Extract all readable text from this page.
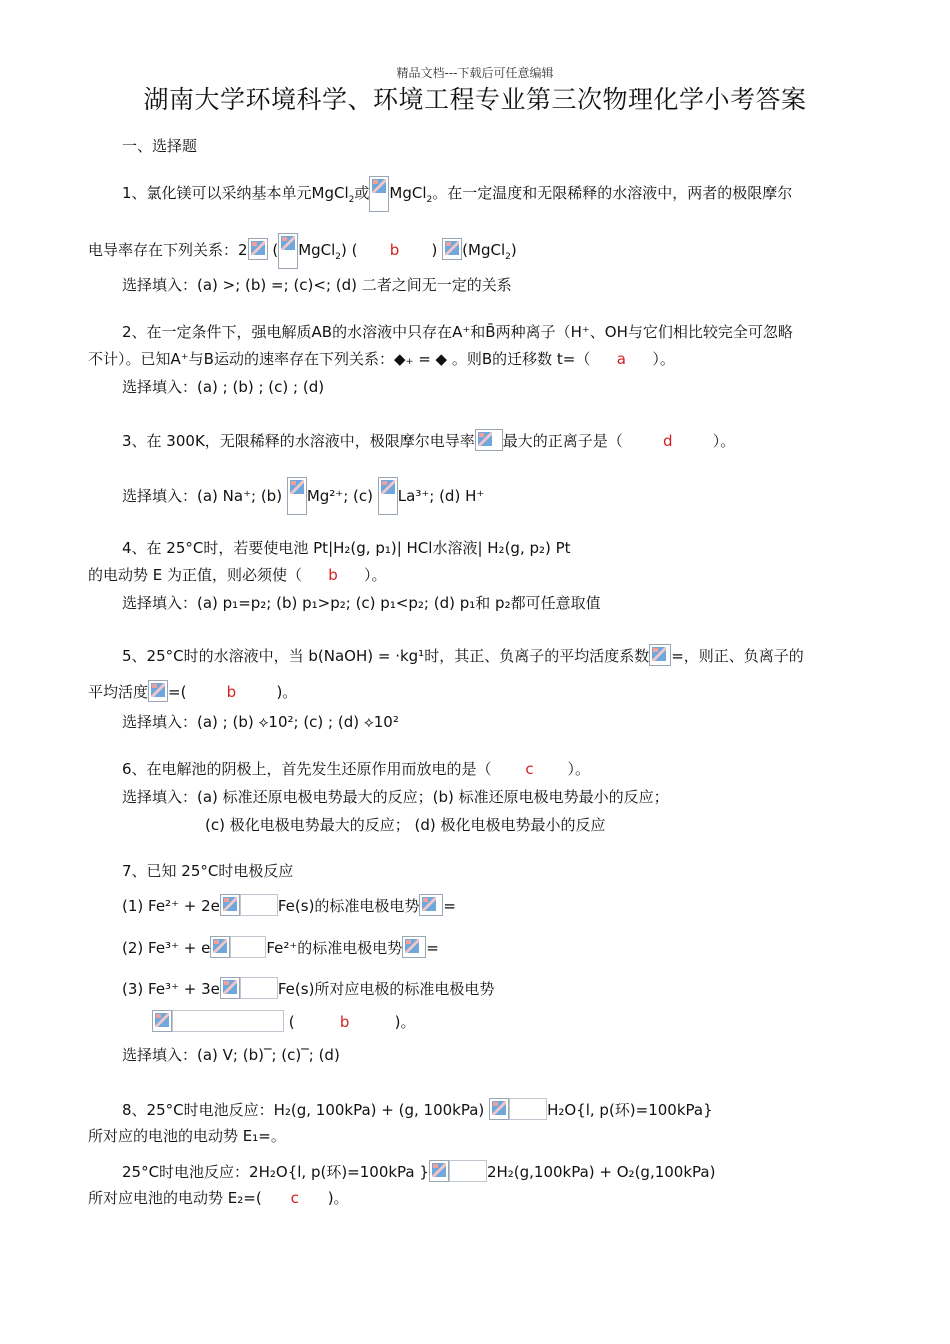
精品文档---下载后可任意编辑
湖南大学环境科学、环境工程专业第三次物理化学小考答案
一、选择题
1、氯化镁可以采纳基本单元MgCl$_2$或 MgCl$_2$。在一定温度和无限稀释的水溶液中，两者的极限摩尔
电导率存在下列关系：2 ( MgCl$_2$) ( b ) (MgCl$_2$)
选择填入：(a) >; (b) =; (c)<; (d) 二者之间无一定的关系
2、在一定条件下，强电解质AB的水溶液中只存在A⁺和B̄两种离子（H⁺、OH与它们相比较完全可忽略
不计）。已知A⁺与B运动的速率存在下列关系：◆₊ = ◆ 。则B的迁移数 t=（ a ）。
选择填入：(a) ; (b) ; (c) ; (d)
3、在 300K，无限稀释的水溶液中，极限摩尔电导率 最大的正离子是（	d	）。
选择填入：(a) Na⁺; (b) Mg²⁺; (c) La³⁺; (d) H⁺
4、在 25°C时，若要使电池 Pt|H₂(g, p₁)| HCl水溶液| H₂(g, p₂) Pt
的电动势 E 为正值，则必须使（ b ）。
选择填入：(a) p₁=p₂; (b) p₁>p₂; (c) p₁<p₂; (d) p₁和 p₂都可任意取值
5、25°C时的水溶液中，当 b(NaOH) = ·kg¹时，其正、负离子的平均活度系数 =，则正、负离子的
平均活度 =(	b	)。
选择填入：(a) ; (b) ⟡10²; (c) ; (d) ⟡10²
6、在电解池的阴极上，首先发生还原作用而放电的是（ c ）。
选择填入：(a) 标准还原电极电势最大的反应；(b) 标准还原电极电势最小的反应；
(c) 极化电极电势最大的反应； (d) 极化电极电势最小的反应
7、已知 25°C时电极反应
(1) Fe²⁺ + 2e	Fe(s)的标准电极电势 =
(2) Fe³⁺ + e	Fe²⁺的标准电极电势 =
(3) Fe³⁺ + 3e	Fe(s)所对应电极的标准电极电势
(	b	)。
选择填入：(a) V; (b)‾; (c)‾; (d)
8、25°C时电池反应：H₂(g, 100kPa) + (g, 100kPa)	H₂O{l, p(环)=100kPa}
所对应的电池的电动势 E₁=。
25°C时电池反应：2H₂O{l, p(环)=100kPa }	2H₂(g,100kPa) + O₂(g,100kPa)
所对应电池的电动势 E₂=( c )。
